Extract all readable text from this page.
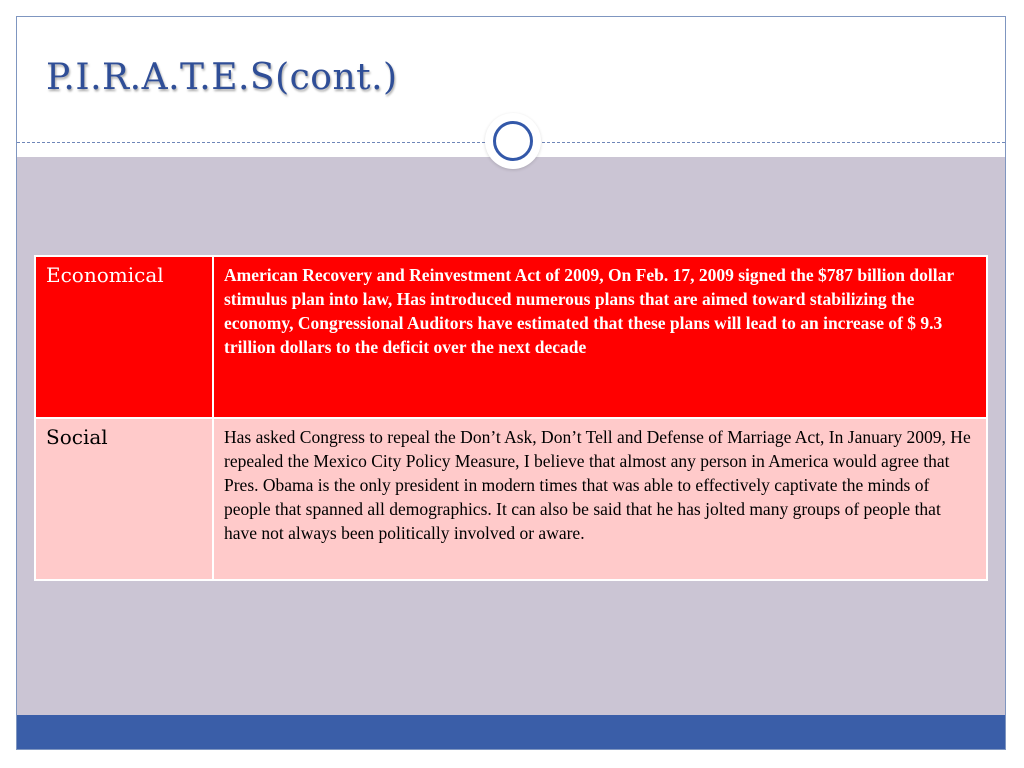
P.I.R.A.T.E.S(cont.)
Economical	American Recovery and Reinvestment Act of 2009, On Feb. 17, 2009 signed the $787 billion dollar stimulus plan into law, Has introduced numerous plans that are aimed toward stabilizing the economy, Congressional Auditors have estimated that these plans will lead to an increase of $ 9.3 trillion dollars to the deficit over the next decade
Social	Has asked Congress to repeal the Don’t Ask, Don’t Tell and Defense of Marriage Act, In January 2009, He repealed the Mexico City Policy Measure, I believe that almost any person in America would agree that Pres. Obama is the only president in modern times that was able to effectively captivate the minds of people that spanned all demographics. It can also be said that he has jolted many groups of people that have not always been politically involved or aware.
